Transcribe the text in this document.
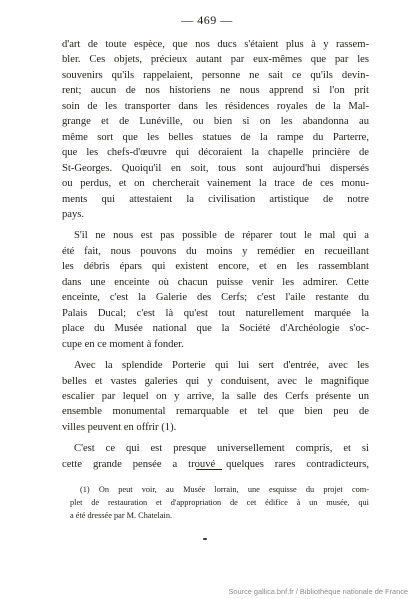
— 469 —
d'art de toute espèce, que nos ducs s'étaient plus à y rassem-
bler. Ces objets, précieux autant par eux-mêmes que par les
souvenirs qu'ils rappelaient, personne ne sait ce qu'ils devin-
rent; aucun de nos historiens ne nous apprend si l'on prit
soin de les transporter dans les résidences royales de la Mal-
grange et de Lunéville, ou bien si on les abandonna au
même sort que les belles statues de la rampe du Parterre,
que les chefs-d'œuvre qui décoraient la chapelle princière de
St-Georges. Quoiqu'il en soit, tous sont aujourd'hui dispersés
ou perdus, et on chercherait vainement la trace de ces monu-
ments qui attestaient la civilisation artistique de notre
pays.
S'il ne nous est pas possible de réparer tout le mal qui a
été fait, nous pouvons du moins y remédier en recueillant
les débris épars qui existent encore, et en les rassemblant
dans une enceinte où chacun puisse venir les admirer. Cette
enceinte, c'est la Galerie des Cerfs; c'est l'aile restante du
Palais Ducal; c'est là qu'est tout naturellement marquée la
place du Musée national que la Société d'Archéologie s'oc-
cupe en ce moment à fonder.
Avec la splendide Porterie qui lui sert d'entrée, avec les
belles et vastes galeries qui y conduisent, avec le magnifique
escalier par lequel on y arrive, la salle des Cerfs présente un
ensemble monumental remarquable et tel que bien peu de
villes peuvent en offrir (1).
C'est ce qui est presque universellement compris, et si
cette grande pensée a trouvé quelques rares contradicteurs,
(1) On peut voir, au Musée lorrain, une esquisse du projet com-
plet de restauration et d'appropriation de cet édifice à un musée, qui
a été dressée par M. Chatelain.
Source gallica.bnf.fr / Bibliothèque nationale de France
